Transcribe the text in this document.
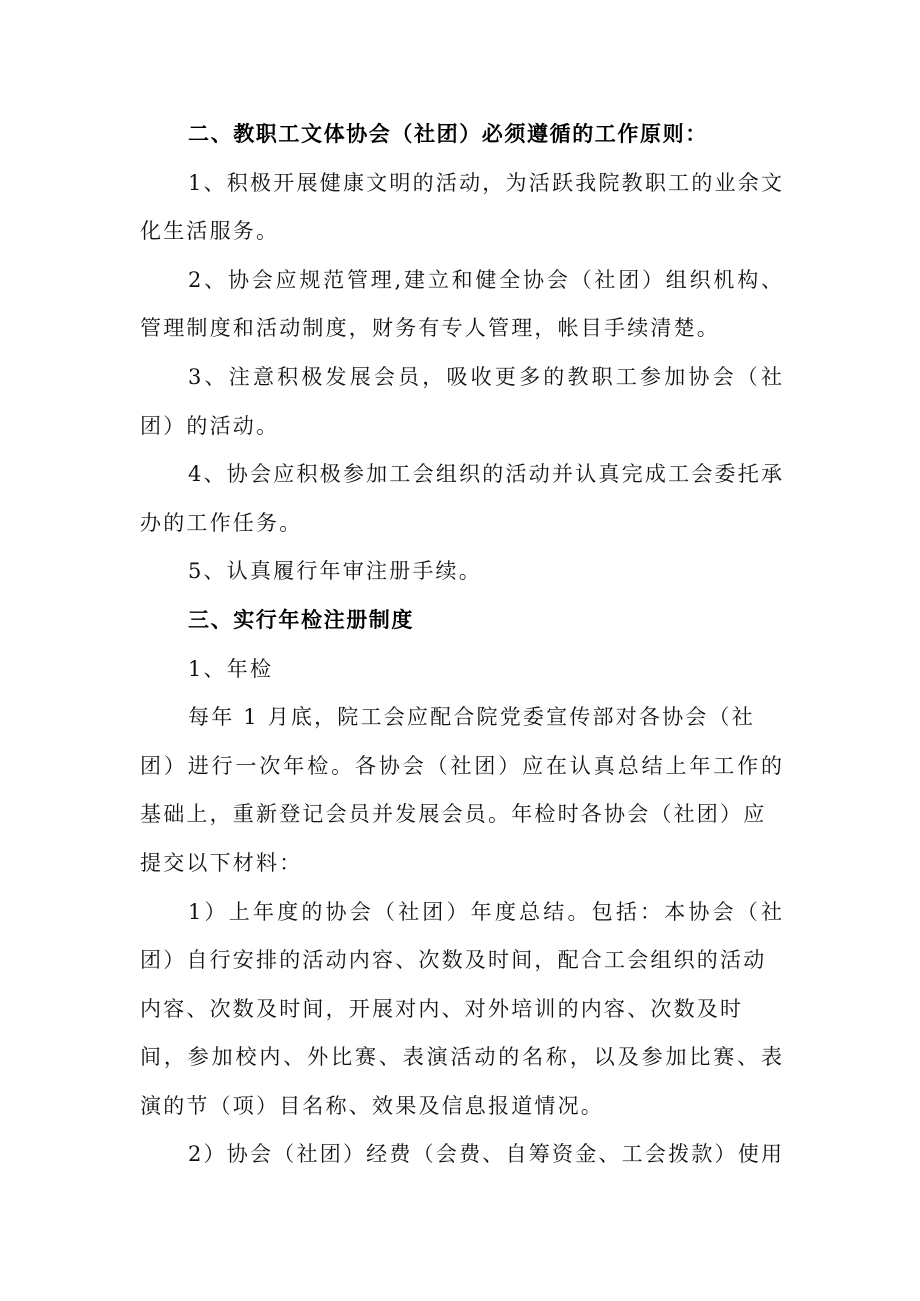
二、教职工文体协会（社团）必须遵循的工作原则：
1、积极开展健康文明的活动，为活跃我院教职工的业余文
化生活服务。
2、协会应规范管理,建立和健全协会（社团）组织机构、
管理制度和活动制度，财务有专人管理，帐目手续清楚。
3、注意积极发展会员，吸收更多的教职工参加协会（社
团）的活动。
4、协会应积极参加工会组织的活动并认真完成工会委托承
办的工作任务。
5、认真履行年审注册手续。
三、实行年检注册制度
1、年检
每年 1 月底，院工会应配合院党委宣传部对各协会（社
团）进行一次年检。各协会（社团）应在认真总结上年工作的
基础上，重新登记会员并发展会员。年检时各协会（社团）应
提交以下材料：
1）上年度的协会（社团）年度总结。包括：本协会（社
团）自行安排的活动内容、次数及时间，配合工会组织的活动
内容、次数及时间，开展对内、对外培训的内容、次数及时
间，参加校内、外比赛、表演活动的名称，以及参加比赛、表
演的节（项）目名称、效果及信息报道情况。
2）协会（社团）经费（会费、自筹资金、工会拨款）使用
